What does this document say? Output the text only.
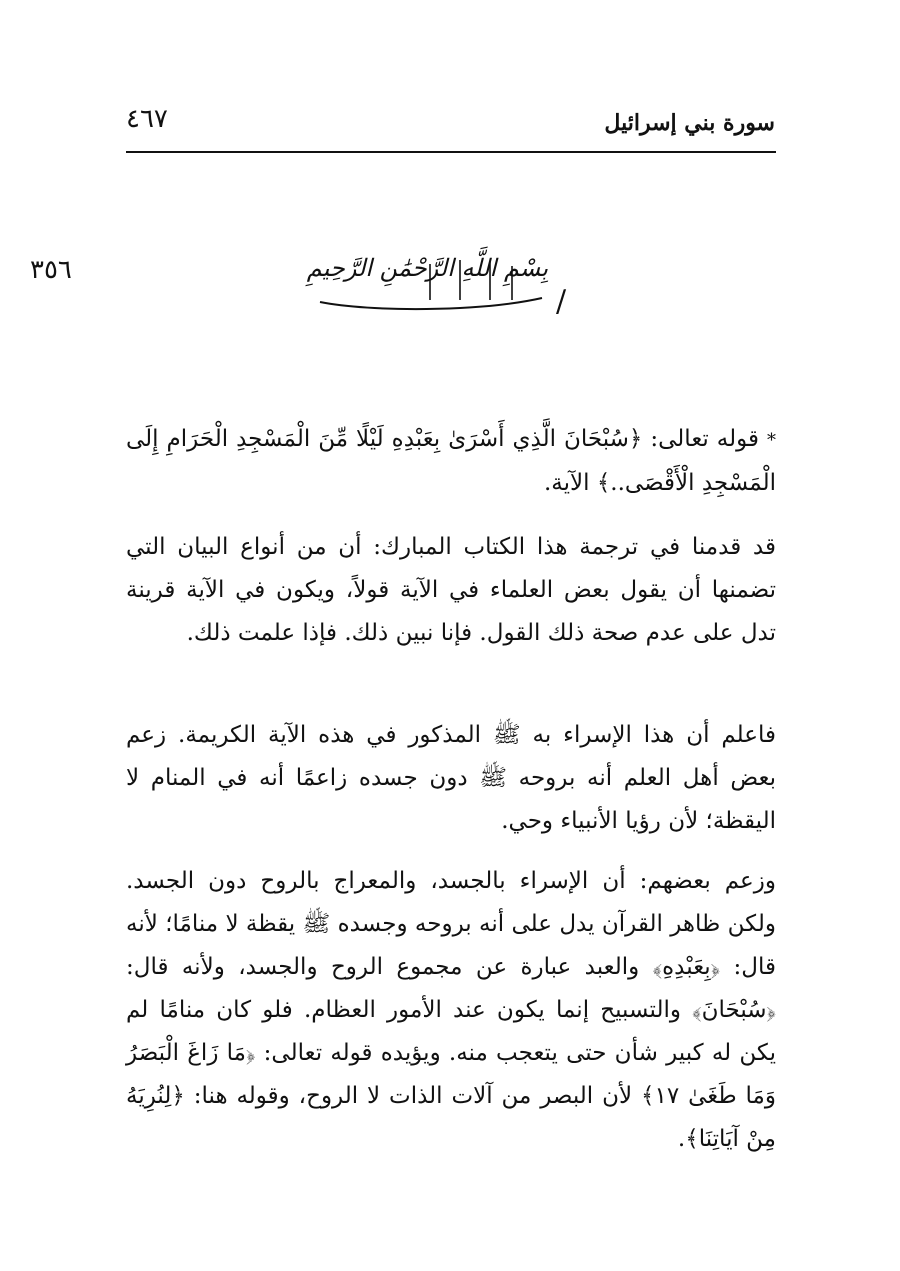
سورة بني إسرائيل
٤٦٧
٣٥٦	بِسْمِ اللَّهِ الرَّحْمَٰنِ الرَّحِيمِ
/
* قوله تعالى: ﴿سُبْحَانَ الَّذِي أَسْرَىٰ بِعَبْدِهِ لَيْلًا مِّنَ الْمَسْجِدِ الْحَرَامِ إِلَى الْمَسْجِدِ الْأَقْصَى..﴾ الآية.
قد قدمنا في ترجمة هذا الكتاب المبارك: أن من أنواع البيان التي تضمنها أن يقول بعض العلماء في الآية قولاً، ويكون في الآية قرينة تدل على عدم صحة ذلك القول. فإنا نبين ذلك. فإذا علمت ذلك.
فاعلم أن هذا الإسراء به ﷺ المذكور في هذه الآية الكريمة. زعم بعض أهل العلم أنه بروحه ﷺ دون جسده زاعمًا أنه في المنام لا اليقظة؛ لأن رؤيا الأنبياء وحي.
وزعم بعضهم: أن الإسراء بالجسد، والمعراج بالروح دون الجسد. ولكن ظاهر القرآن يدل على أنه بروحه وجسده ﷺ يقظة لا منامًا؛ لأنه قال: ﴿بِعَبْدِهِ﴾ والعبد عبارة عن مجموع الروح والجسد، ولأنه قال: ﴿سُبْحَانَ﴾ والتسبيح إنما يكون عند الأمور العظام. فلو كان منامًا لم يكن له كبير شأن حتى يتعجب منه. ويؤيده قوله تعالى: ﴿مَا زَاغَ الْبَصَرُ وَمَا طَغَىٰ ١٧﴾ لأن البصر من آلات الذات لا الروح، وقوله هنا: ﴿لِنُرِيَهُ مِنْ آيَاتِنَا﴾.
